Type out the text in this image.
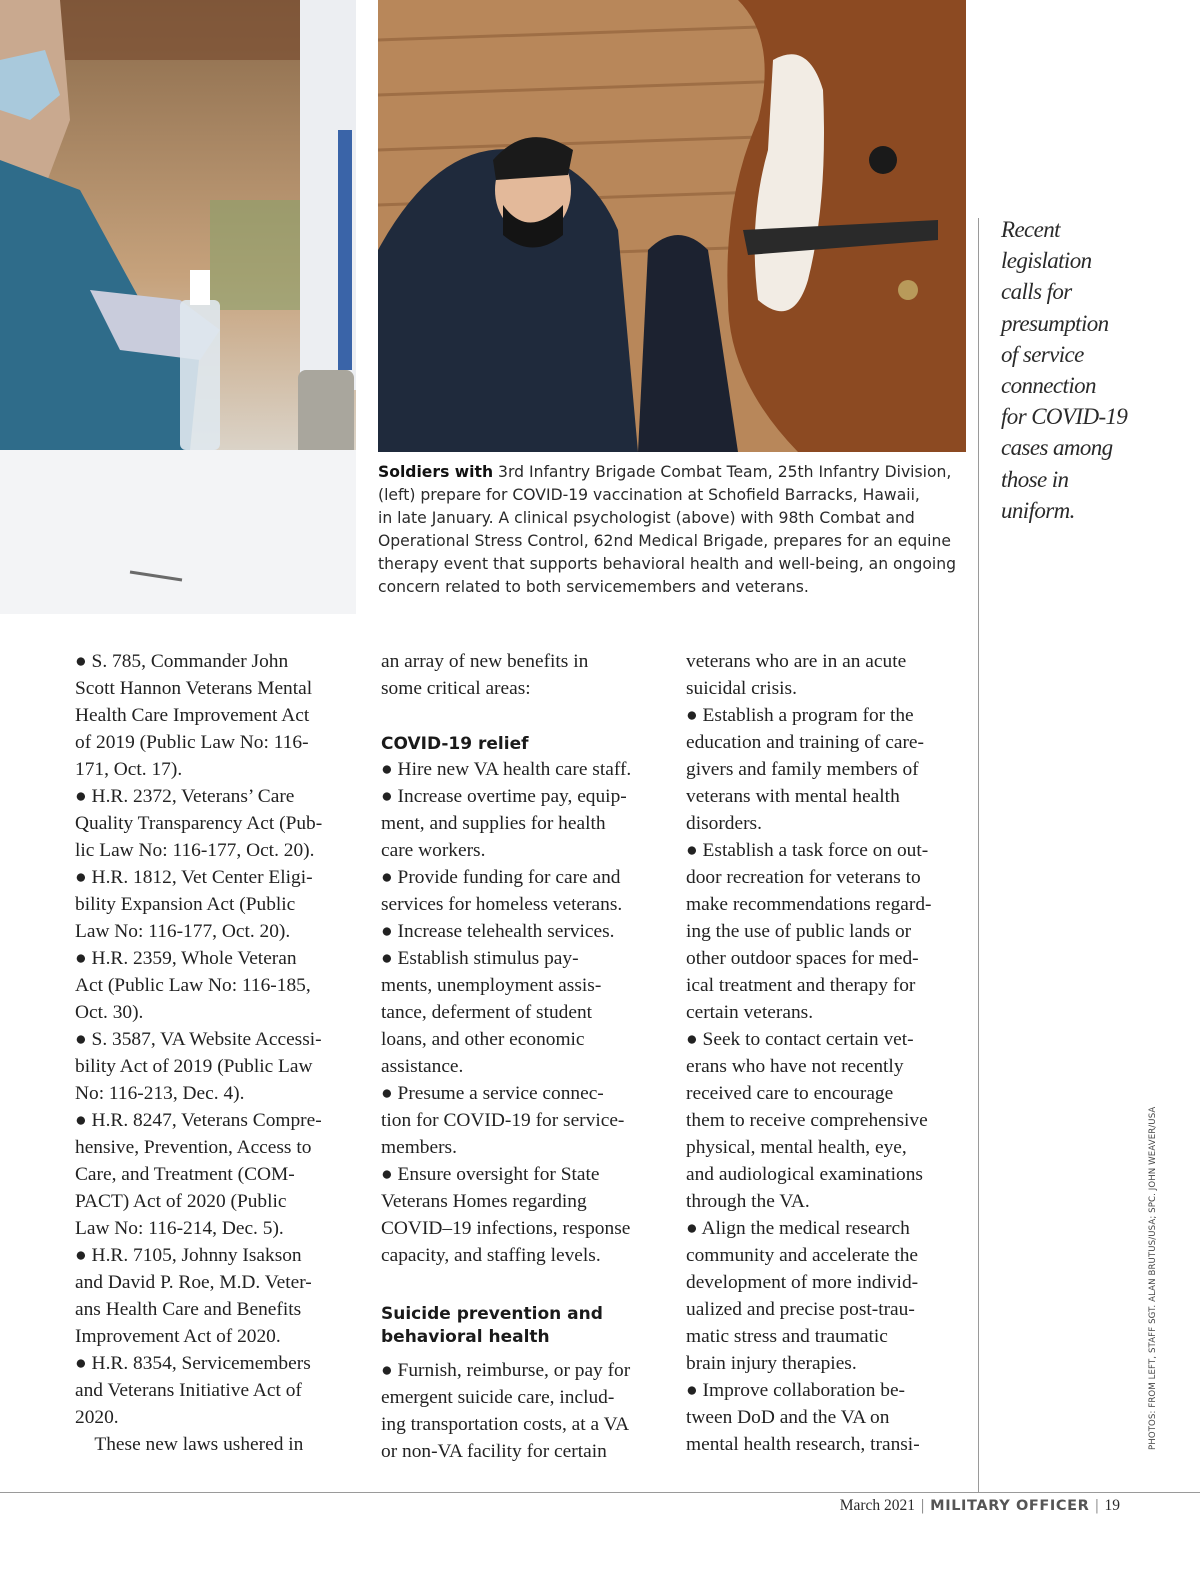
Soldiers with 3rd Infantry Brigade Combat Team, 25th Infantry Division,
(left) prepare for COVID-19 vaccination at Schofield Barracks, Hawaii,
in late January. A clinical psychologist (above) with 98th Combat and
Operational Stress Control, 62nd Medical Brigade, prepares for an equine
therapy event that supports behavioral health and well-being, an ongoing
concern related to both servicemembers and veterans.
Recent
legislation
calls for
presumption
of service
connection
for COVID-19
cases among
those in
uniform.

● S. 785, Commander John

Scott Hannon Veterans Mental

Health Care Improvement Act

of 2019 (Public Law No: 116-

171, Oct. 17).

● H.R. 2372, Veterans’ Care

Quality Transparency Act (Pub-

lic Law No: 116-177, Oct. 20).

● H.R. 1812, Vet Center Eligi-

bility Expansion Act (Public

Law No: 116-177, Oct. 20).

● H.R. 2359, Whole Veteran

Act (Public Law No: 116-185,

Oct. 30).

● S. 3587, VA Website Accessi-

bility Act of 2019 (Public Law

No: 116-213, Dec. 4).

● H.R. 8247, Veterans Compre-

hensive, Prevention, Access to

Care, and Treatment (COM-

PACT) Act of 2020 (Public

Law No: 116-214, Dec. 5).

● H.R. 7105, Johnny Isakson

and David P. Roe, M.D. Veter-

ans Health Care and Benefits

Improvement Act of 2020.

● H.R. 8354, Servicemembers

and Veterans Initiative Act of

2020.

 These new laws ushered in

an array of new benefits in

some critical areas:

COVID-19 relief

● Hire new VA health care staff.

● Increase overtime pay, equip-

ment, and supplies for health

care workers.

● Provide funding for care and

services for homeless veterans.

● Increase telehealth services.

● Establish stimulus pay-

ments, unemployment assis-

tance, deferment of student

loans, and other economic

assistance.

● Presume a service connec-

tion for COVID-19 for service-

members.

● Ensure oversight for State

Veterans Homes regarding

COVID–19 infections, response

capacity, and staffing levels.

Suicide prevention and
behavioral health

● Furnish, reimburse, or pay for

emergent suicide care, includ-

ing transportation costs, at a VA

or non-VA facility for certain

veterans who are in an acute

suicidal crisis.

● Establish a program for the

education and training of care-

givers and family members of

veterans with mental health

disorders.

● Establish a task force on out-

door recreation for veterans to

make recommendations regard-

ing the use of public lands or

other outdoor spaces for med-

ical treatment and therapy for

certain veterans.

● Seek to contact certain vet-

erans who have not recently

received care to encourage

them to receive comprehensive

physical, mental health, eye,

and audiological examinations

through the VA.

● Align the medical research

community and accelerate the

development of more individ-

ualized and precise post-trau-

matic stress and traumatic

brain injury therapies.

● Improve collaboration be-

tween DoD and the VA on

mental health research, transi-	PHOTOS: FROM LEFT, STAFF SGT. ALAN BRUTUS/USA; SPC. JOHN WEAVER/USA
March 2021 | MILITARY OFFICER | 19
